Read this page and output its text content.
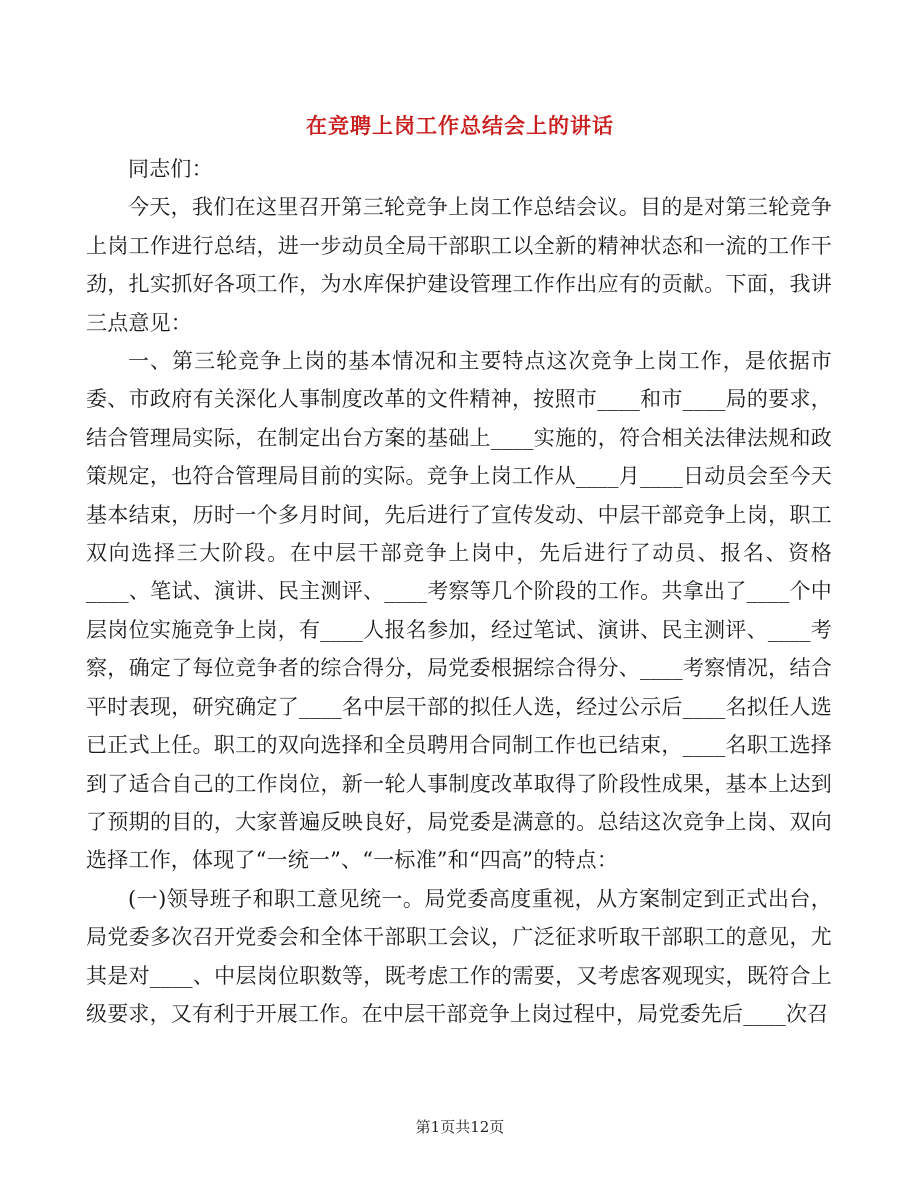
在竞聘上岗工作总结会上的讲话

同志们：

今天，我们在这里召开第三轮竞争上岗工作总结会议。目的是对第三轮竞争上岗工作进行总结，进一步动员全局干部职工以全新的精神状态和一流的工作干劲，扎实抓好各项工作，为水库保护建设管理工作作出应有的贡献。下面，我讲三点意见：

一、第三轮竞争上岗的基本情况和主要特点这次竞争上岗工作，是依据市委、市政府有关深化人事制度改革的文件精神，按照市____和市____局的要求，结合管理局实际，在制定出台方案的基础上____实施的，符合相关法律法规和政策规定，也符合管理局目前的实际。竞争上岗工作从____月____日动员会至今天基本结束，历时一个多月时间，先后进行了宣传发动、中层干部竞争上岗，职工双向选择三大阶段。在中层干部竞争上岗中，先后进行了动员、报名、资格____、笔试、演讲、民主测评、____考察等几个阶段的工作。共拿出了____个中层岗位实施竞争上岗，有____人报名参加，经过笔试、演讲、民主测评、____考察，确定了每位竞争者的综合得分，局党委根据综合得分、____考察情况，结合平时表现，研究确定了____名中层干部的拟任人选，经过公示后____名拟任人选已正式上任。职工的双向选择和全员聘用合同制工作也已结束，____名职工选择到了适合自己的工作岗位，新一轮人事制度改革取得了阶段性成果，基本上达到了预期的目的，大家普遍反映良好，局党委是满意的。总结这次竞争上岗、双向选择工作，体现了“一统一”、“一标准”和“四高”的特点：

(一)领导班子和职工意见统一。局党委高度重视，从方案制定到正式出台，局党委多次召开党委会和全体干部职工会议，广泛征求听取干部职工的意见，尤其是对____、中层岗位职数等，既考虑工作的需要，又考虑客观现实，既符合上级要求，又有利于开展工作。在中层干部竞争上岗过程中，局党委先后____次召

第1页共12页
